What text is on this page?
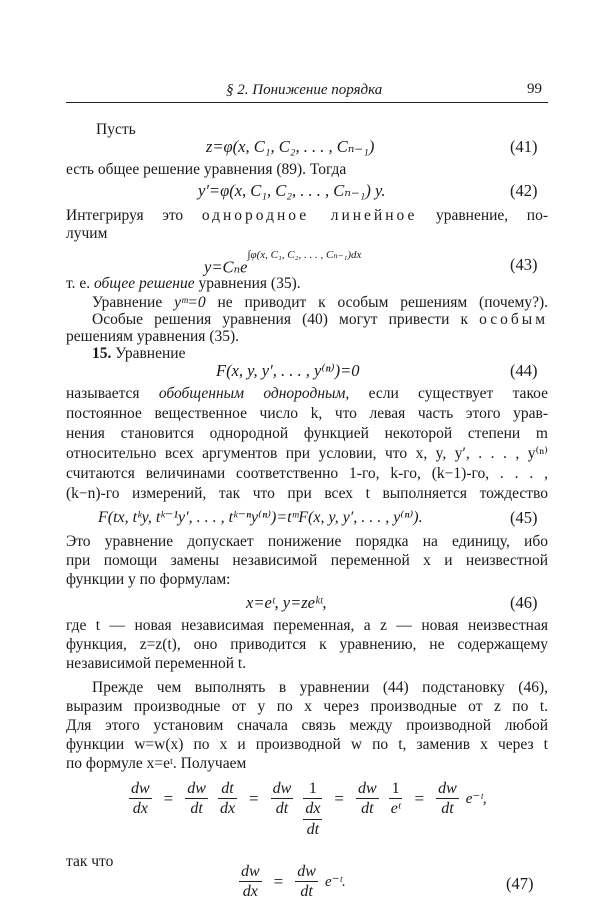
§ 2. Понижение порядка	99
Пусть
z=φ(x, C₁, C₂, . . . , Cₙ₋₁)	(41)
есть общее решение уравнения (89). Тогда
y′=φ(x, C₁, C₂, . . . , Cₙ₋₁) y.	(42)
Интегрируя это однородное линейное уравнение, по-
лучим
y=Cₙe$^{\int\varphi(x, C_1, C_2, . . . , C_{n-1})dx}$	(43)
т. е. общее решение уравнения (35).
Уравнение yᵐ=0 не приводит к особым решениям (почему?).
Особые решения уравнения (40) могут привести к особым
решениям уравнения (35).
15. Уравнение
F(x, y, y′, . . . , y⁽ⁿ⁾)=0	(44)
называется обобщенным однородным, если существует такое
постоянное вещественное число k, что левая часть этого урав-
нения становится однородной функцией некоторой степени m
относительно всех аргументов при условии, что x, y, y′, . . . , y⁽ⁿ⁾
считаются величинами соответственно 1-го, k-го, (k−1)-го, . . . ,
(k−n)-го измерений, так что при всех t выполняется тождество
F(tx, tᵏy, tᵏ⁻¹y′, . . . , tᵏ⁻ⁿy⁽ⁿ⁾)=tᵐF(x, y, y′, . . . , y⁽ⁿ⁾).	(45)
Это уравнение допускает понижение порядка на единицу, ибо
при помощи замены независимой переменной x и неизвестной
функции y по формулам:
x=eᵗ, y=zeᵏᵗ,	(46)
где t — новая независимая переменная, а z — новая неизвестная
функция, z=z(t), оно приводится к уравнению, не содержащему
независимой переменной t.
Прежде чем выполнять в уравнении (44) подстановку (46),
выразим производные от y по x через производные от z по t.
Для этого установим сначала связь между производной любой
функции w=w(x) по x и производной w по t, заменив x через t
по формуле x=eᵗ. Получаем
$\frac{dw}{dx} = \frac{dw}{dt}$
$\frac{dt}{dx} = \frac{dw}{dt}$
1
dx
dt
= $\frac{dw}{dt}$
$\frac{1}{\text{eᵗ}} = \frac{dw}{dt}$ e⁻ᵗ,
так что
$\frac{dw}{dx} = \frac{dw}{dt}$ e⁻ᵗ.	(47)
